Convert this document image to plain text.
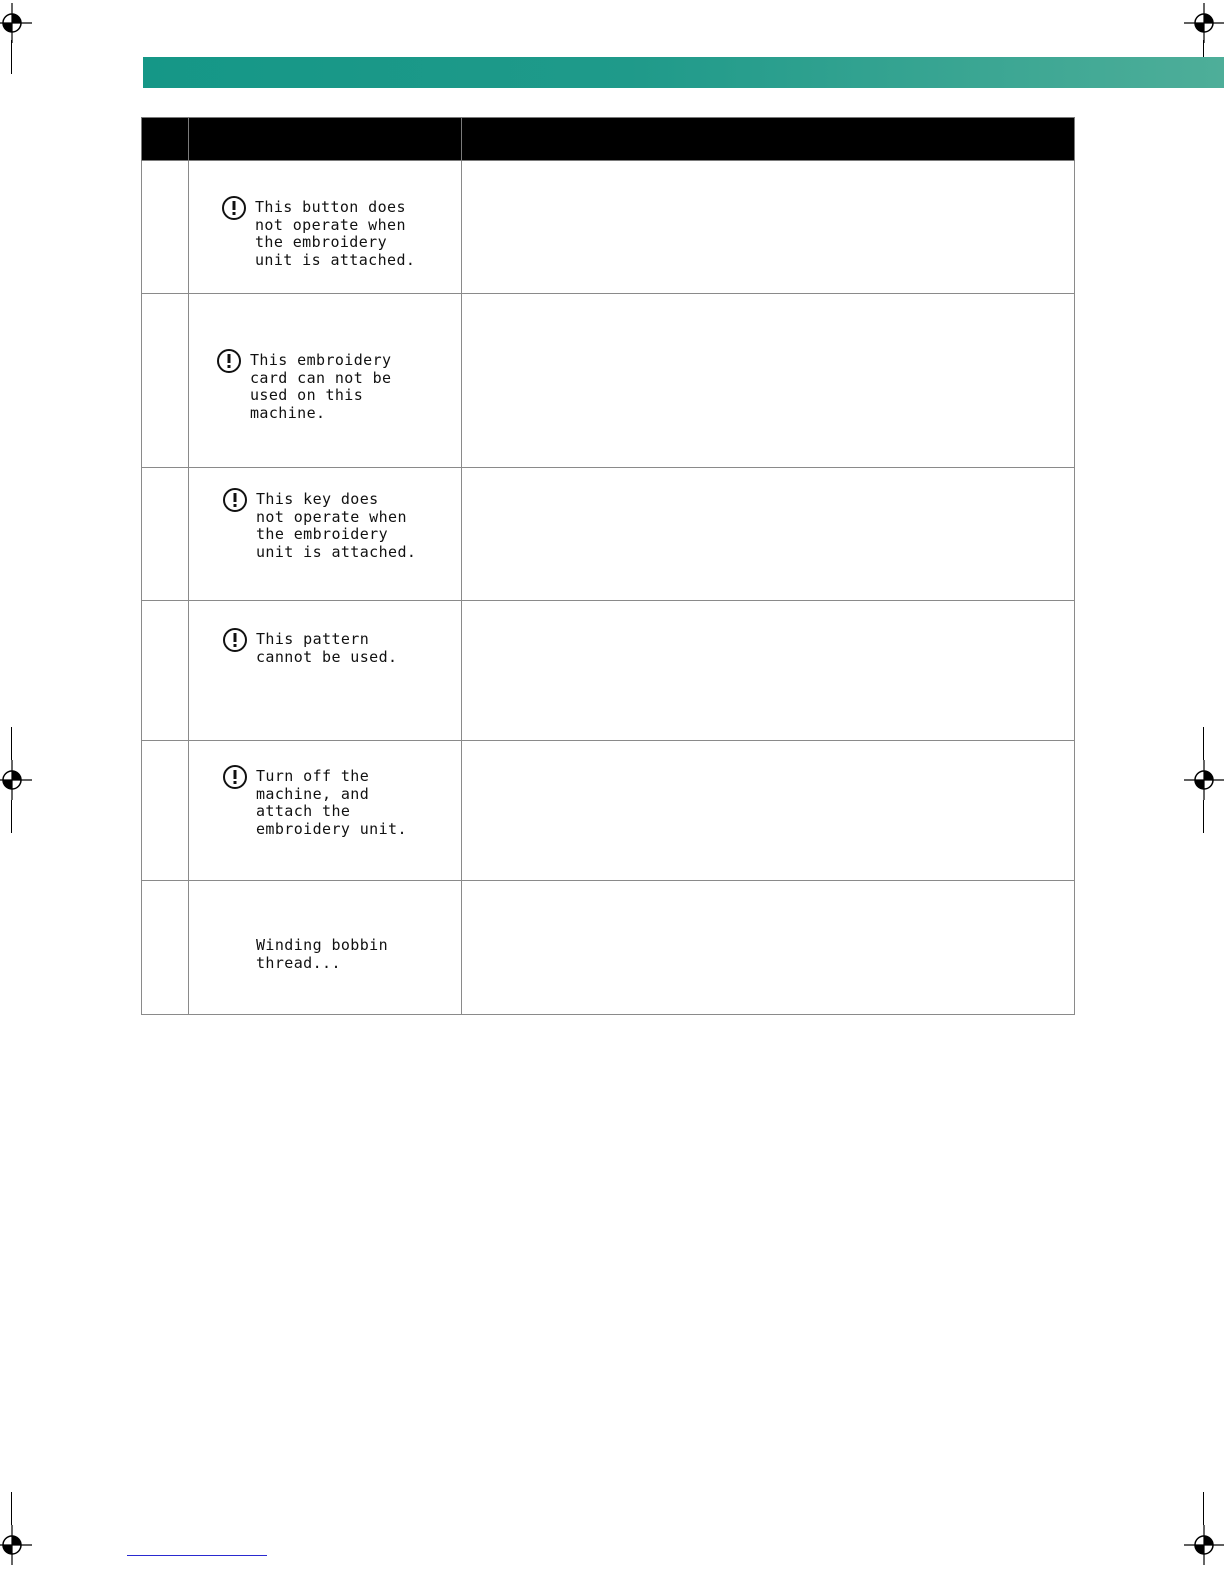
	This button does
not operate when
the embroidery
unit is attached.	

	This embroidery
card can not be
used on this
machine.	

	This key does
not operate when
the embroidery
unit is attached.	

	This pattern
cannot be used.	

	Turn off the
machine, and
attach the
embroidery unit.	

	Winding bobbin
thread...	
